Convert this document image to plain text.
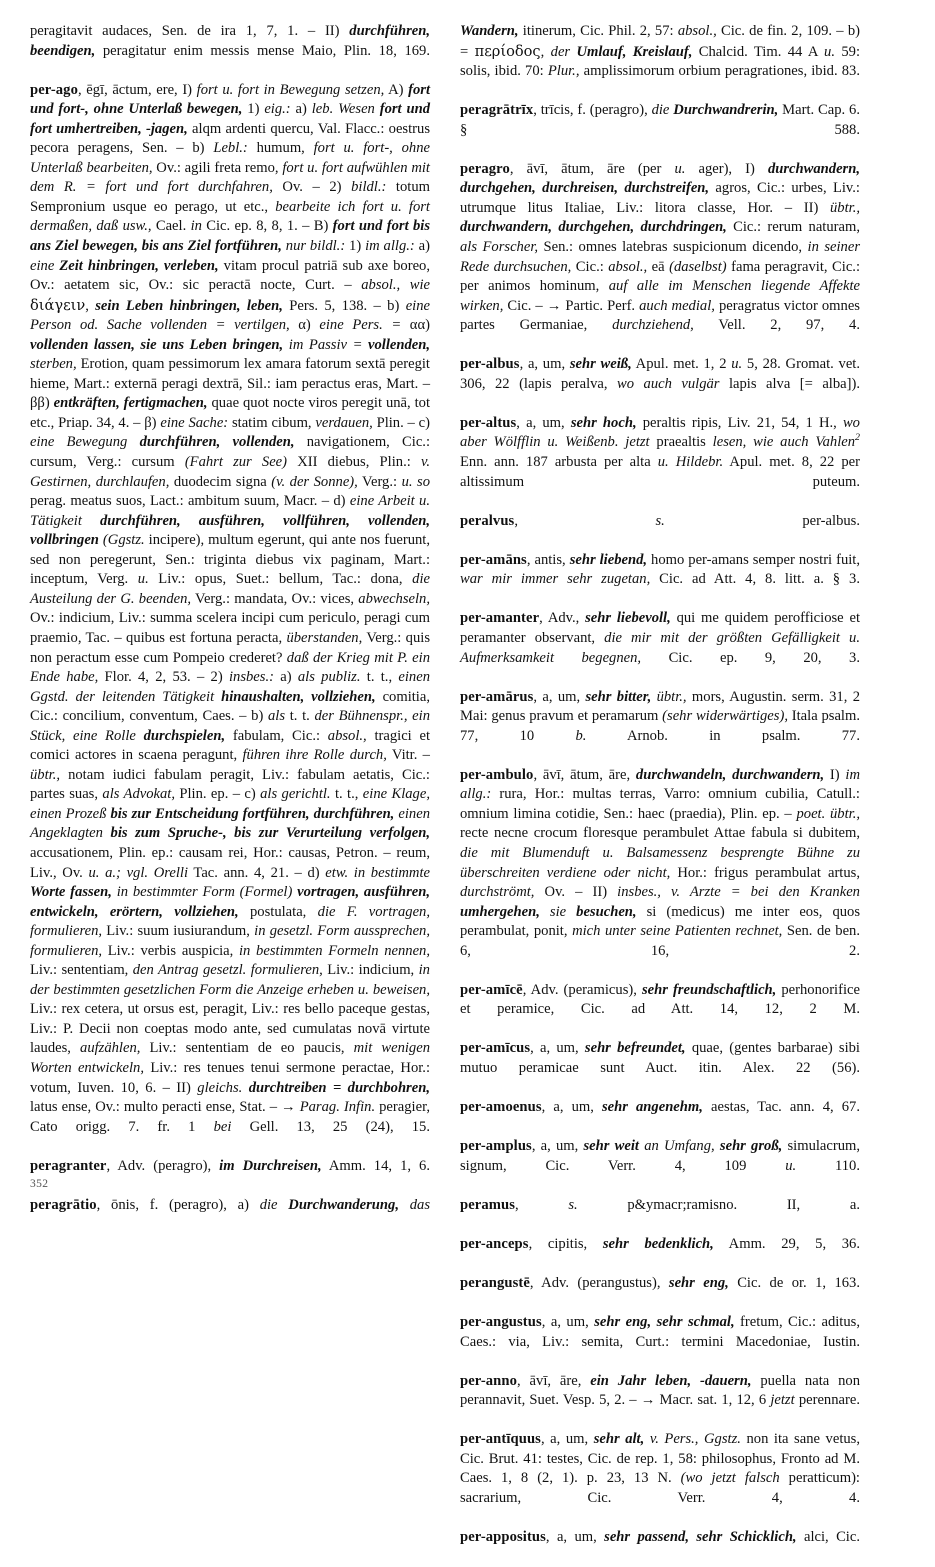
peragitavit audaces, Sen. de ira 1, 7, 1. – II) durchführen, beendigen, peragitatur enim messis mense Maio, Plin. 18, 169.

per-ago, ēgī, āctum, ere, I) fort u. fort in Bewegung setzen, A) fort und fort-, ohne Unterlaß bewegen, 1) eig.: a) leb. Wesen fort und fort umhertreiben, -jagen, alqm ardenti quercu, Val. Flacc.: oestrus pecora peragens, Sen. – b) Lebl.: humum, fort u. fort-, ohne Unterlaß bearbeiten, Ov.: agili freta remo, fort u. fort aufwühlen mit dem R. = fort und fort durchfahren, Ov. – 2) bildl.: totum Sempronium usque eo perago, ut etc., bearbeite ich fort u. fort dermaßen, daß usw., Cael. in Cic. ep. 8, 8, 1. – B) fort und fort bis ans Ziel bewegen, bis ans Ziel fortführen, nur bildl.: 1) im allg.: a) eine Zeit hinbringen, verleben, vitam procul patriā sub axe boreo, Ov.: aetatem sic, Ov.: sic peractā nocte, Curt. – absol., wie διάγειν, sein Leben hinbringen, leben, Pers. 5, 138. – b) eine Person od. Sache vollenden = vertilgen, α) eine Pers. = αα) vollenden lassen, sie uns Leben bringen, im Passiv = vollenden, sterben, Erotion, quam pessimorum lex amara fatorum sextā peregit hieme, Mart.: externā peragi dextrā, Sil.: iam peractus eras, Mart. – ββ) entkräften, fertigmachen, quae quot nocte viros peregit unā, tot etc., Priap. 34, 4. – β) eine Sache: statim cibum, verdauen, Plin. – c) eine Bewegung durchführen, vollenden, navigationem, Cic.: cursum, Verg.: cursum (Fahrt zur See) XII diebus, Plin.: v. Gestirnen, durchlaufen, duodecim signa (v. der Sonne), Verg.: u. so perag. meatus suos, Lact.: ambitum suum, Macr. – d) eine Arbeit u. Tätigkeit durchführen, ausführen, vollführen, vollenden, vollbringen (Ggstz. incipere), multum egerunt, qui ante nos fuerunt, sed non peregerunt, Sen.: triginta diebus vix paginam, Mart.: inceptum, Verg. u. Liv.: opus, Suet.: bellum, Tac.: dona, die Austeilung der G. beenden, Verg.: mandata, Ov.: vices, abwechseln, Ov.: indicium, Liv.: summa scelera incipi cum periculo, peragi cum praemio, Tac. – quibus est fortuna peracta, überstanden, Verg.: quis non peractum esse cum Pompeio crederet? daß der Krieg mit P. ein Ende habe, Flor. 4, 2, 53. – 2) insbes.: a) als publiz. t. t., einen Ggstd. der leitenden Tätigkeit hinaushalten, vollziehen, comitia, Cic.: concilium, conventum, Caes. – b) als t. t. der Bühnenspr., ein Stück, eine Rolle durchspielen, fabulam, Cic.: absol., tragici et comici actores in scaena peragunt, führen ihre Rolle durch, Vitr. – übtr., notam iudici fabulam peragit, Liv.: fabulam aetatis, Cic.: partes suas, als Advokat, Plin. ep. – c) als gerichtl. t. t., eine Klage, einen Prozeß bis zur Entscheidung fortführen, durchführen, einen Angeklagten bis zum Spruche-, bis zur Verurteilung verfolgen, accusationem, Plin. ep.: causam rei, Hor.: causas, Petron. – reum, Liv., Ov. u. a.; vgl. Orelli Tac. ann. 4, 21. – d) etw. in bestimmte Worte fassen, in bestimmter Form (Formel) vortragen, ausführen, entwickeln, erörtern, vollziehen, postulata, die F. vortragen, formulieren, Liv.: suum iusiurandum, in gesetzl. Form aussprechen, formulieren, Liv.: verbis auspicia, in bestimmten Formeln nennen, Liv.: sententiam, den Antrag gesetzl. formulieren, Liv.: indicium, in der bestimmten gesetzlichen Form die Anzeige erheben u. beweisen, Liv.: rex cetera, ut orsus est, peragit, Liv.: res bello paceque gestas, Liv.: P. Decii non coeptas modo ante, sed cumulatas novā virtute laudes, aufzählen, Liv.: sententiam de eo paucis, mit wenigen Worten entwickeln, Liv.: res tenues tenui sermone peractae, Hor.: votum, Iuven. 10, 6. – II) gleichs. durchtreiben = durchbohren, latus ense, Ov.: multo peracti ense, Stat. – → Parag. Infin. peragier, Cato origg. 7. fr. 1 bei Gell. 13, 25 (24), 15.

peragranter, Adv. (peragro), im Durchreisen, Amm. 14, 1, 6.

peragrātio, ōnis, f. (peragro), a) die Durchwanderung, das

Wandern, itinerum, Cic. Phil. 2, 57: absol., Cic. de fin. 2, 109. – b) = περίοδος, der Umlauf, Kreislauf, Chalcid. Tim. 44 A u. 59: solis, ibid. 70: Plur., amplissimorum orbium peragrationes, ibid. 83.

peragrātrīx, trīcis, f. (peragro), die Durchwandrerin, Mart. Cap. 6. § 588.

peragro, āvī, ātum, āre (per u. ager), I) durchwandern, durchgehen, durchreisen, durchstreifen, agros, Cic.: urbes, Liv.: utrumque litus Italiae, Liv.: litora classe, Hor. – II) übtr., durchwandern, durchgehen, durchdringen, Cic.: rerum naturam, als Forscher, Sen.: omnes latebras suspicionum dicendo, in seiner Rede durchsuchen, Cic.: absol., eā (daselbst) fama peragravit, Cic.: per animos hominum, auf alle im Menschen liegende Affekte wirken, Cic. – → Partic. Perf. auch medial, peragratus victor omnes partes Germaniae, durchziehend, Vell. 2, 97, 4.

per-albus, a, um, sehr weiß, Apul. met. 1, 2 u. 5, 28. Gromat. vet. 306, 22 (lapis peralva, wo auch vulgär lapis alva [= alba]).

per-altus, a, um, sehr hoch, peraltis ripis, Liv. 21, 54, 1 H., wo aber Wölfflin u. Weißenb. jetzt praealtis lesen, wie auch Vahlen$^2$ Enn. ann. 187 arbusta per alta u. Hildebr. Apul. met. 8, 22 per altissimum puteum.

peralvus, s. per-albus.

per-amāns, antis, sehr liebend, homo per-amans semper nostri fuit, war mir immer sehr zugetan, Cic. ad Att. 4, 8. litt. a. § 3.

per-amanter, Adv., sehr liebevoll, qui me quidem perofficiose et peramanter observant, die mir mit der größten Gefälligkeit u. Aufmerksamkeit begegnen, Cic. ep. 9, 20, 3.

per-amārus, a, um, sehr bitter, übtr., mors, Augustin. serm. 31, 2 Mai: genus pravum et peramarum (sehr widerwärtiges), Itala psalm. 77, 10 b. Arnob. in psalm. 77.

per-ambulo, āvī, ātum, āre, durchwandeln, durchwandern, I) im allg.: rura, Hor.: multas terras, Varro: omnium cubilia, Catull.: omnium limina cotidie, Sen.: haec (praedia), Plin. ep. – poet. übtr., recte necne crocum floresque perambulet Attae fabula si dubitem, die mit Blumenduft u. Balsamessenz besprengte Bühne zu überschreiten verdiene oder nicht, Hor.: frigus perambulat artus, durchströmt, Ov. – II) insbes., v. Arzte = bei den Kranken umhergehen, sie besuchen, si (medicus) me inter eos, quos perambulat, ponit, mich unter seine Patienten rechnet, Sen. de ben. 6, 16, 2.

per-amīcē, Adv. (peramicus), sehr freundschaftlich, perhonorifice et peramice, Cic. ad Att. 14, 12, 2 M.

per-amīcus, a, um, sehr befreundet, quae, (gentes barbarae) sibi mutuo peramicae sunt Auct. itin. Alex. 22 (56).

per-amoenus, a, um, sehr angenehm, aestas, Tac. ann. 4, 67.

per-amplus, a, um, sehr weit an Umfang, sehr groß, simulacrum, signum, Cic. Verr. 4, 109 u. 110.

peramus, s. p&ymacr;ramisno. II, a.

per-anceps, cipitis, sehr bedenklich, Amm. 29, 5, 36.

perangustē, Adv. (perangustus), sehr eng, Cic. de or. 1, 163.

per-angustus, a, um, sehr eng, sehr schmal, fretum, Cic.: aditus, Caes.: via, Liv.: semita, Curt.: termini Macedoniae, Iustin.

per-anno, āvī, āre, ein Jahr leben, -dauern, puella nata non perannavit, Suet. Vesp. 5, 2. – → Macr. sat. 1, 12, 6 jetzt perennare.

per-antīquus, a, um, sehr alt, v. Pers., Ggstz. non ita sane vetus, Cic. Brut. 41: testes, Cic. de rep. 1, 58: philosophus, Fronto ad M. Caes. 1, 8 (2, 1). p. 23, 13 N. (wo jetzt falsch peratticum): sacrarium, Cic. Verr. 4, 4.

per-appositus, a, um, sehr passend, sehr Schicklich, alci, Cic.

352
